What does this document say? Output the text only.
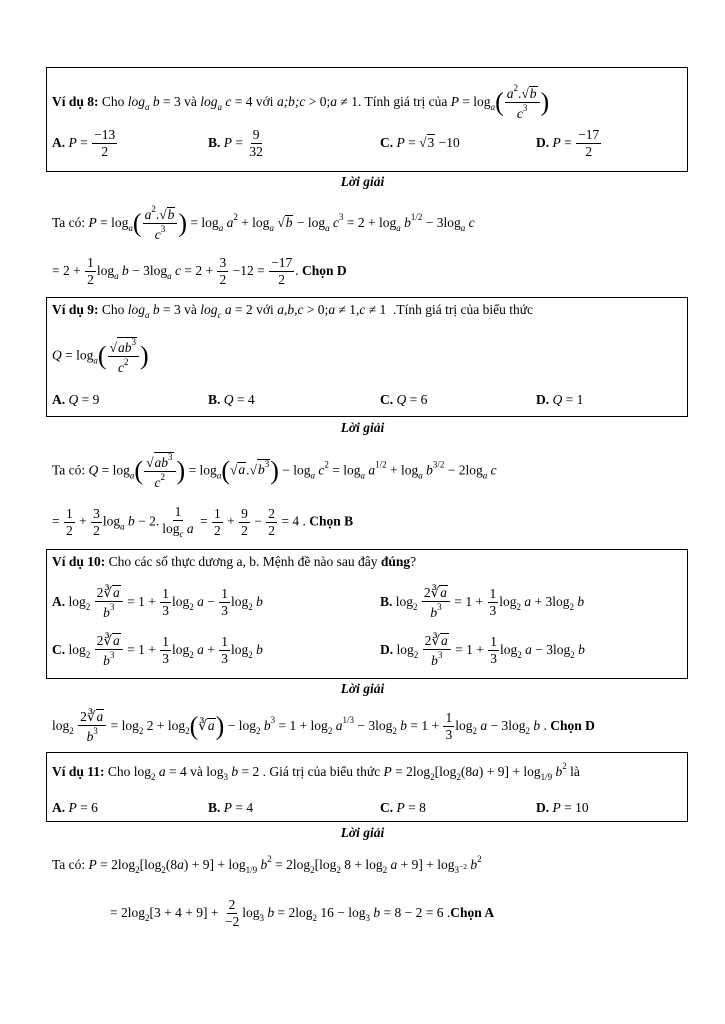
Ví dụ 8: Cho $\log_a b = 3$ và $\log_a c = 4$ với a;b;c > 0;a ≠ 1. Tính giá trị của $P = \log_a( \frac{a^2.√b}{c^3}$ )
A. $P = \frac{-13}{2}$	B. $P = \frac{9}{32}$	C. P = √3 −10	D. $P = \frac{-17}{2}$
Lời giải
Ta có: $P = \log_a( \frac{a^2.√b}{c^3}$ ) = $\log_a a^2 + \log_a √b - \log_a c^3 = 2 + \log_a b^{1/2} - 3\log_a$ c
= $2 + \frac{1}{2} \log_a b - 3\log_a$ $c = 2 + \frac{3}{2} -12 = \frac{-17}{2}$ . Chọn D
Ví dụ 9: Cho $\log_a b = 3$ và $\log_c a = 2$ với a,b,c > 0;a ≠ 1,c ≠ 1  .Tính giá trị của biểu thức
$Q = \log_a( \frac{√ab^3}{c^2}$ )
A. Q = 9	B. Q = 4	C. Q = 6	D. Q = 1
Lời giải
Ta có: $Q = \log_a( \frac{√ab^3}{c^2}$ ) = $\log_a(√a.√b^3) - \log_a c^2 = \log_a a^{1/2} + \log_a b^{3/2} - 2\log_a$ c
= $\frac{1}{2} + \frac{3}{2} \log_a b - 2$. $\frac{1}{\log_c a} = \frac{1}{2} + \frac{9}{2} - \frac{2}{2} = 4$ . Chọn B
Ví dụ 10: Cho các số thực dương a, b. Mệnh đề nào sau đây đúng?
A. $\log_2 \frac{2∛a}{b^3} = 1 + \frac{1}{3} \log_2 a - \frac{1}{3} \log_2 b$	B. $\log_2 \frac{2∛a}{b^3} = 1 + \frac{1}{3} \log_2 a + 3\log_2$ b
C. $\log_2 \frac{2∛a}{b^3} = 1 + \frac{1}{3} \log_2 a + \frac{1}{3} \log_2 b$	D. $\log_2 \frac{2∛a}{b^3} = 1 + \frac{1}{3} \log_2 a - 3\log_2$ b
Lời giải
$\log_2 \frac{2∛a}{b^3} = \log_2 2$ + $\log_2(∛a) - \log_2 b^3 = 1 + \log_2 a^{1/3} - 3\log_2$ $b = 1 + \frac{1}{3} \log_2 a - 3\log_2$ b . Chọn D
Ví dụ 11: Cho $\log_2 a = 4$ và $\log_3 b = 2$ . Giá trị của biểu thức $P = 2\log_2[\log_2(8a) + 9] + \log_{1/9} b^2$ là
A. P = 6	B. P = 4	C. P = 8	D. P = 10
Lời giải
Ta có: $P = 2\log_2[\log_2(8a) + 9] + \log_{1/9} b^2 = 2\log_2[\log_2$ $8 + \log_2 a + 9] + \log_{3^{-2}} b^2$
= $2\log_2[3 + 4 + 9] + \frac{2}{-2} \log_3 b = 2\log_2$ $16 - \log_3 b = 8 - 2 = 6$ .Chọn A
